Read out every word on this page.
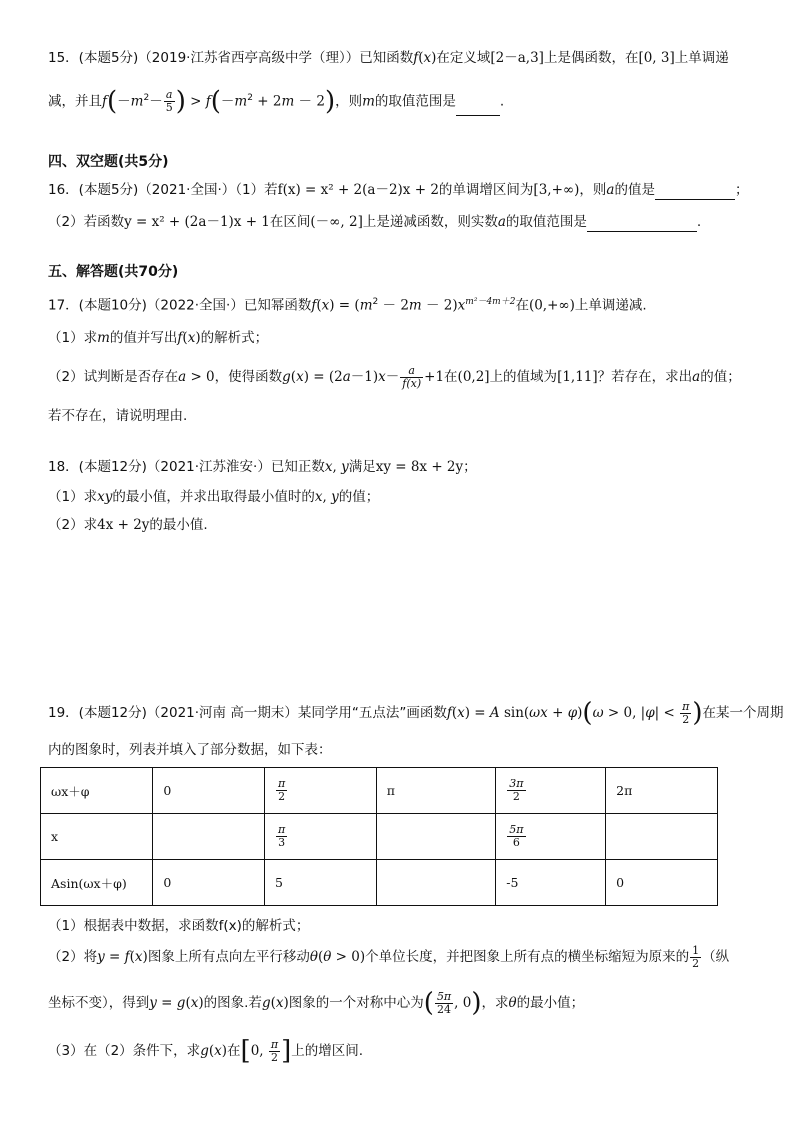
15．(本题5分)（2019·江苏省西亭高级中学（理））已知函数f(x)在定义域[2－a,3]上是偶函数，在[0, 3]上单调递
减，并且$f(-m^2- \frac{a}{5}$ ) > $f(-m^2 + 2m - 2)$，则m的取值范围是	.
四、双空题(共5分)
16．(本题5分)（2021·全国·）（1）若f(x) = x² + 2(a－2)x + 2的单调增区间为[3,+∞)，则a的值是	；
（2）若函数y = x² + (2a－1)x + 1在区间(－∞, 2]上是递减函数，则实数a的取值范围是	.
五、解答题(共70分)
17．(本题10分)（2022·全国·）已知幂函数$f(x) = (m^2 - 2m - 2)x^{m^2-4m+2}$在(0,+∞)上单调递减.
（1）求m的值并写出f(x)的解析式；
（2）试判断是否存在a > 0，使得函数$g(x) = (2a-1)x- \frac{a}{f(x)} +1$在(0,2]上的值域为[1,11]？若存在，求出a的值；
若不存在，请说明理由.
18．(本题12分)（2021·江苏淮安·）已知正数x, y满足xy = 8x + 2y；
（1）求xy的最小值，并求出取得最小值时的x, y的值；
（2）求4x + 2y的最小值.
19．(本题12分)（2021·河南 高一期末）某同学用“五点法”画函数f(x) = A sin(ωx + φ)(ω > 0, $|\varphi| < \frac{\pi}{2}$ )在某一个周期
内的图象时，列表并填入了部分数据，如下表：
ωx＋φ	0	$\frac{\pi}{2}$	π	$\frac{3\pi}{2}$	2π
x		$\frac{\pi}{3}$		$\frac{5\pi}{6}$

Asin(ωx＋φ)	0	5		-5	0
（1）根据表中数据，求函数f(x)的解析式；
（2）将y = f(x)图象上所有点向左平行移动θ(θ > 0)个单位长度，并把图象上所有点的横坐标缩短为原来的 $\frac{1}{2}$ （纵
坐标不变），得到y = g(x)的图象.若g(x)图象的一个对称中心为( $\frac{5\pi}{24}$ , 0)，求θ的最小值；
（3）在（2）条件下，求g(x)在[0, $\frac{\pi}{2}$ ]上的增区间.
